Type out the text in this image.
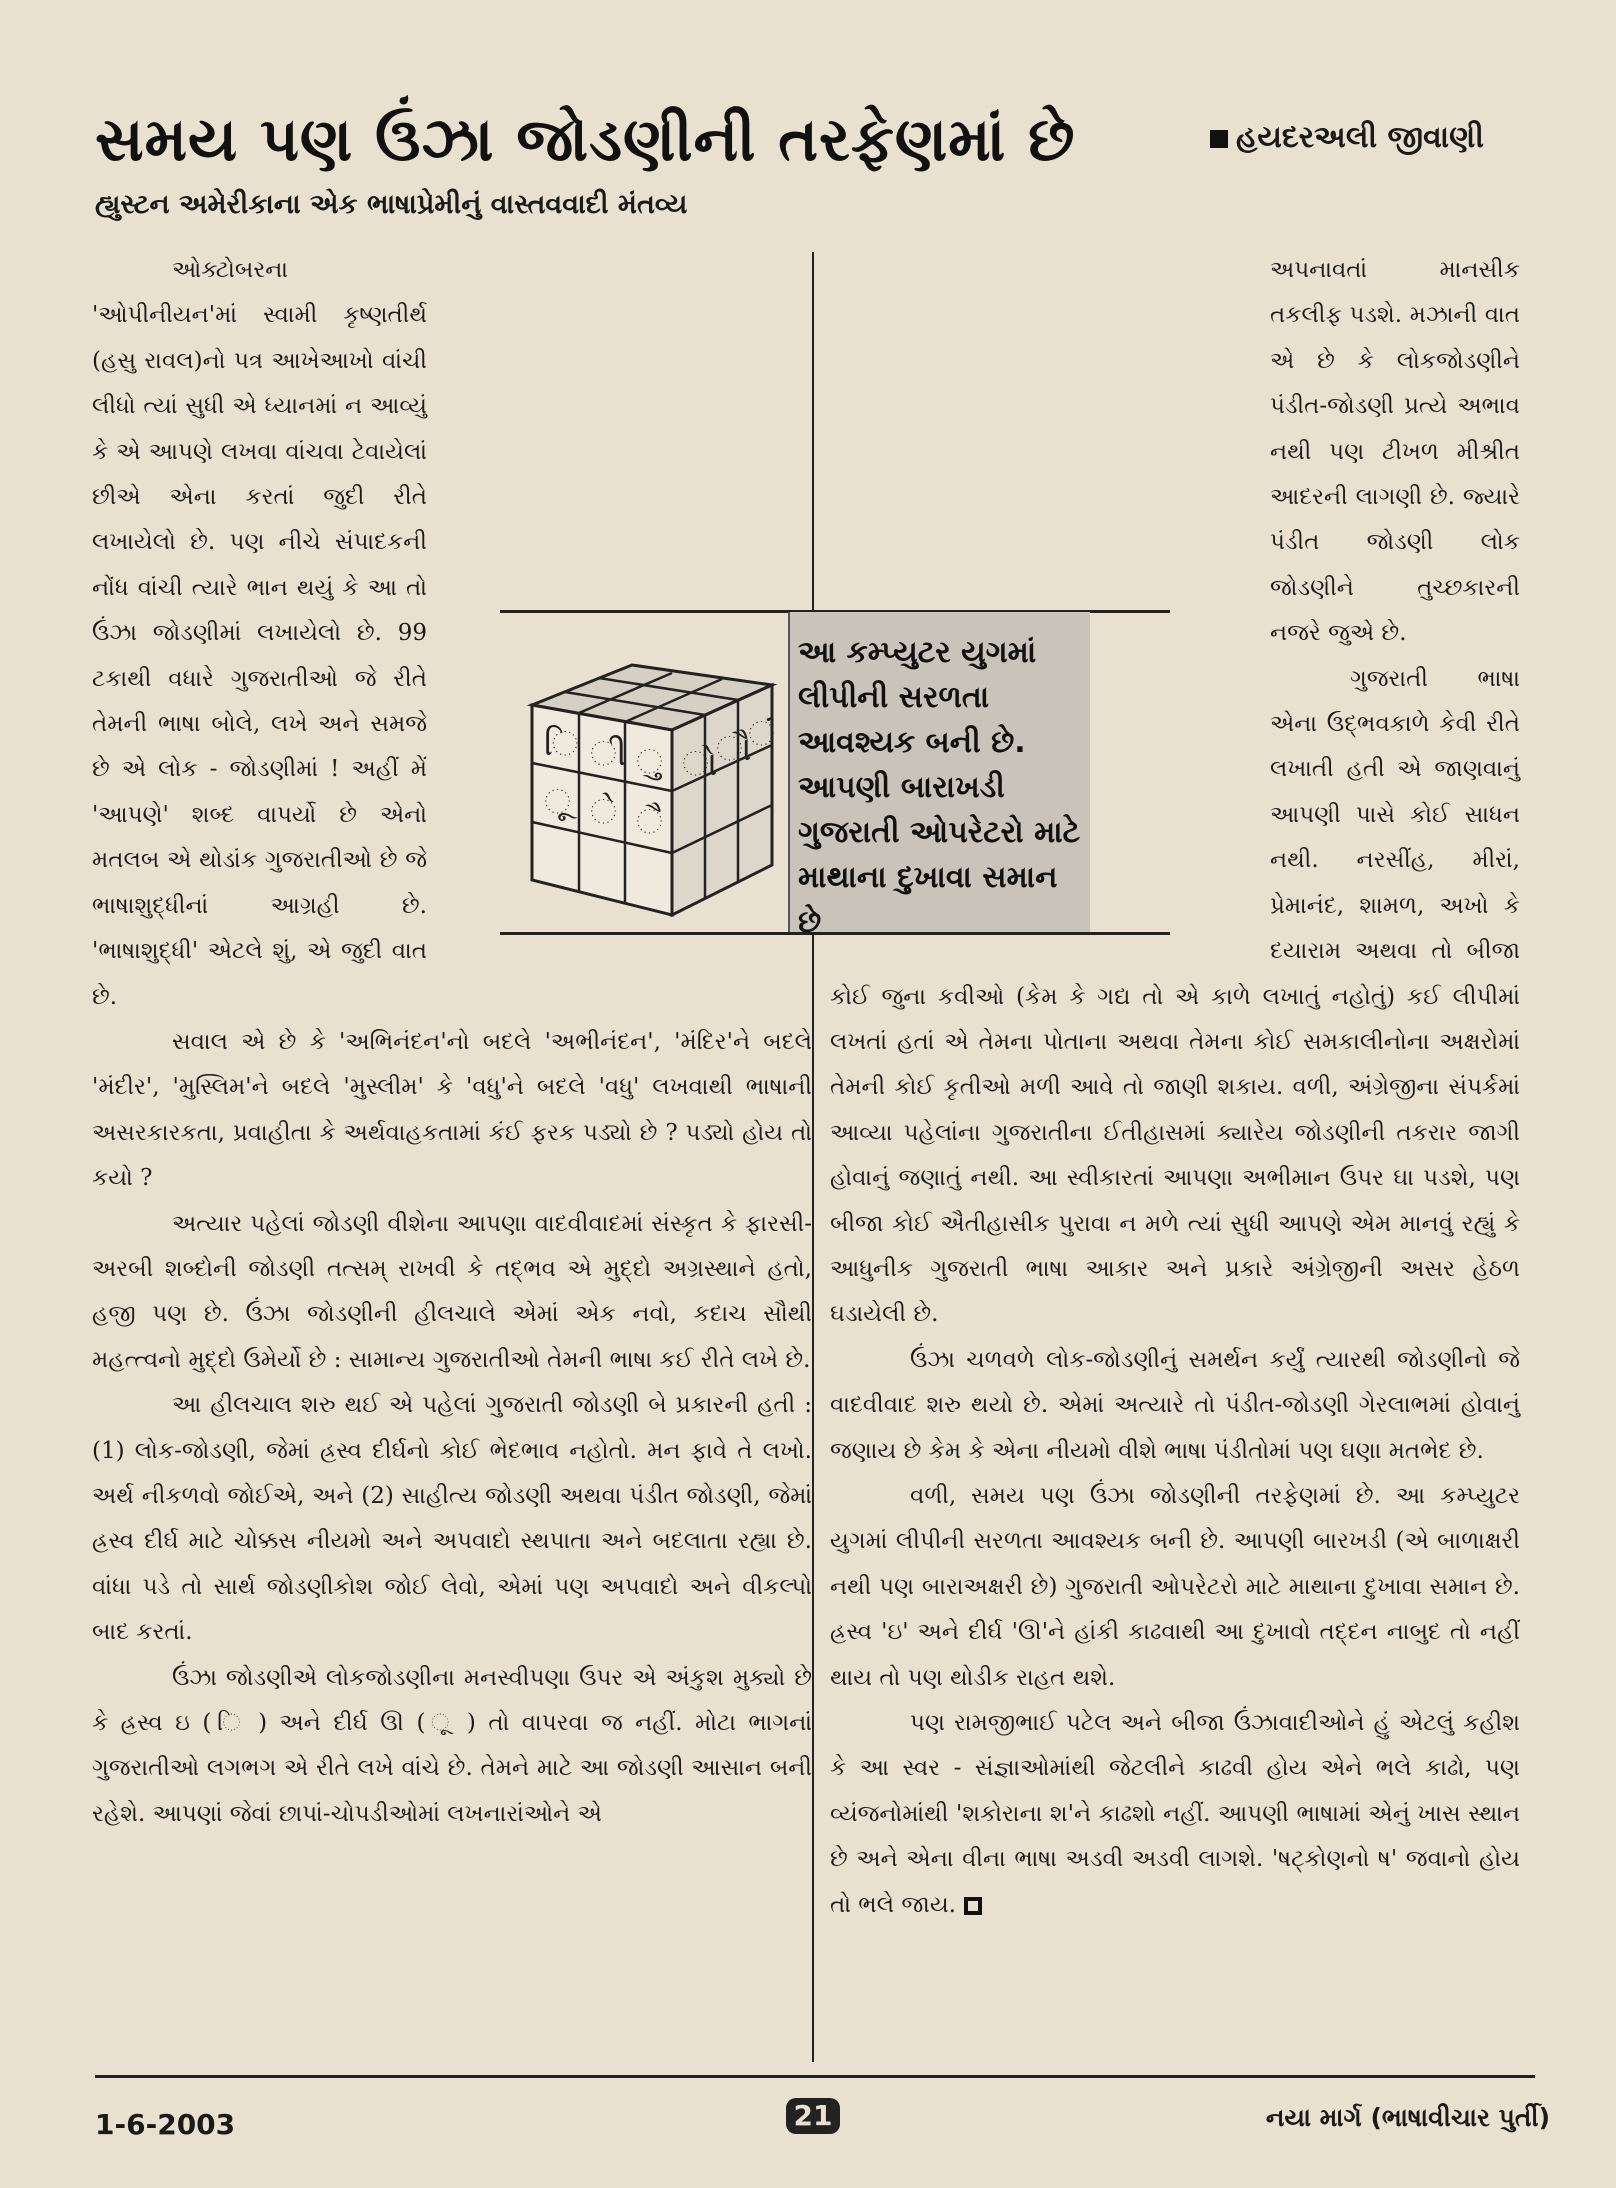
સમય પણ ઉંઝા જોડણીની તરફેણમાં છે	હયદરઅલી જીવાણી
હ્યુસ્ટન અમેરીકાના એક ભાષાપ્રેમીનું વાસ્તવવાદી મંતવ્ય

ઓક્ટોબરના 'ઓપીનીયન'માં સ્વામી કૃષ્ણતીર્થ (હસુ રાવલ)નો પત્ર આખેઆખો વાંચી લીધો ત્યાં સુધી એ ધ્યાનમાં ન આવ્યું કે એ આપણે લખવા વાંચવા ટેવાયેલાં છીએ એના કરતાં જુદી રીતે લખાયેલો છે. પણ નીચે સંપાદકની નોંધ વાંચી ત્યારે ભાન થયું કે આ તો ઉંઝા જોડણીમાં લખાયેલો છે. 99 ટકાથી વધારે ગુજરાતીઓ જે રીતે તેમની ભાષા બોલે, લખે અને સમજે છે એ લોક - જોડણીમાં ! અહીં મેં 'આપણે' શબ્દ વાપર્યો છે એનો મતલબ એ થોડાંક ગુજરાતીઓ છે જે ભાષાશુદ્ધીનાં આગ્રહી છે. 'ભાષાશુદ્ધી' એટલે શું, એ જુદી વાત છે.

સવાલ એ છે કે 'અભિનંદન'નો બદલે 'અભીનંદન', 'મંદિર'ને બદલે 'મંદીર', 'મુસ્લિમ'ને બદલે 'મુસ્લીમ' કે 'વધુ'ને બદલે 'વધુ' લખવાથી ભાષાની અસરકારકતા, પ્રવાહીતા કે અર્થવાહકતામાં કંઈ ફરક પડ્યો છે ? પડ્યો હોય તો કયો ?

અત્યાર પહેલાં જોડણી વીશેના આપણા વાદવીવાદમાં સંસ્કૃત કે ફારસી-અરબી શબ્દોની જોડણી તત્સમ્ રાખવી કે તદ્ભવ એ મુદ્દો અગ્રસ્થાને હતો, હજી પણ છે. ઉંઝા જોડણીની હીલચાલે એમાં એક નવો, કદાચ સૌથી મહત્ત્વનો મુદ્દો ઉમેર્યો છે : સામાન્ય ગુજરાતીઓ તેમની ભાષા કઈ રીતે લખે છે.

આ હીલચાલ શરુ થઈ એ પહેલાં ગુજરાતી જોડણી બે પ્રકારની હતી : (1) લોક-જોડણી, જેમાં હ્રસ્વ દીર્ઘનો કોઈ ભેદભાવ નહોતો. મન ફાવે તે લખો. અર્થ નીકળવો જોઈએ, અને (2) સાહીત્ય જોડણી અથવા પંડીત જોડણી, જેમાં હ્રસ્વ દીર્ઘ માટે ચોક્કસ નીયમો અને અપવાદો સ્થપાતા અને બદલાતા રહ્યા છે. વાંધા પડે તો સાર્થ જોડણીકોશ જોઈ લેવો, એમાં પણ અપવાદો અને વીકલ્પો બાદ કરતાં.

ઉંઝા જોડણીએ લોકજોડણીના મનસ્વીપણા ઉપર એ અંકુશ મુક્યો છે કે હ્રસ્વ ઇ ( િ ) અને દીર્ઘ ઊ ( ૂ ) તો વાપરવા જ નહીં. મોટા ભાગનાં ગુજરાતીઓ લગભગ એ રીતે લખે વાંચે છે. તેમને માટે આ જોડણી આસાન બની રહેશે. આપણાં જેવાં છાપાં-ચોપડીઓમાં લખનારાંઓને એ

અપનાવતાં માનસીક તકલીફ પડશે. મઝાની વાત એ છે કે લોકજોડણીને પંડીત-જોડણી પ્રત્યે અભાવ નથી પણ ટીખળ મીશ્રીત આદરની લાગણી છે. જ્યારે પંડીત જોડણી લોક જોડણીને તુચ્છકારની નજરે જુએ છે.

ગુજરાતી ભાષા એના ઉદ્ભવકાળે કેવી રીતે લખાતી હતી એ જાણવાનું આપણી પાસે કોઈ સાધન નથી. નરસીંહ, મીરાં, પ્રેમાનંદ, શામળ, અખો કે દયારામ અથવા તો બીજા કોઈ જુના કવીઓ (કેમ કે ગદ્ય તો એ કાળે લખાતું નહોતું) કઈ લીપીમાં લખતાં હતાં એ તેમના પોતાના અથવા તેમના કોઈ સમકાલીનોના અક્ષરોમાં તેમની કોઈ કૃતીઓ મળી આવે તો જાણી શકાય. વળી, અંગ્રેજીના સંપર્કમાં આવ્યા પહેલાંના ગુજરાતીના ઈતીહાસમાં ક્યારેય જોડણીની તકરાર જાગી હોવાનું જણાતું નથી. આ સ્વીકારતાં આપણા અભીમાન ઉપર ઘા પડશે, પણ બીજા કોઈ ઐતીહાસીક પુરાવા ન મળે ત્યાં સુધી આપણે એમ માનવું રહ્યું કે આધુનીક ગુજરાતી ભાષા આકાર અને પ્રકારે અંગ્રેજીની અસર હેઠળ ઘડાયેલી છે.

ઉંઝા ચળવળે લોક-જોડણીનું સમર્થન કર્યું ત્યારથી જોડણીનો જે વાદવીવાદ શરુ થયો છે. એમાં અત્યારે તો પંડીત-જોડણી ગેરલાભમાં હોવાનું જણાય છે કેમ કે એના નીયમો વીશે ભાષા પંડીતોમાં પણ ઘણા મતભેદ છે.

વળી, સમય પણ ઉંઝા જોડણીની તરફેણમાં છે. આ કમ્પ્યુટર યુગમાં લીપીની સરળતા આવશ્યક બની છે. આપણી બારખડી (એ બાળાક્ષરી નથી પણ બારાઅક્ષરી છે) ગુજરાતી ઓપરેટરો માટે માથાના દુખાવા સમાન છે. હ્રસ્વ 'ઇ' અને દીર્ઘ 'ઊ'ને હાંકી કાઢવાથી આ દુખાવો તદ્દન નાબુદ તો નહીં થાય તો પણ થોડીક રાહત થશે.

પણ રામજીભાઈ પટેલ અને બીજા ઉંઝાવાદીઓને હું એટલું કહીશ કે આ સ્વર - સંજ્ઞાઓમાંથી જેટલીને કાઢવી હોય એને ભલે કાઢો, પણ વ્યંજનોમાંથી 'શકોરાના શ'ને કાઢશો નહીં. આપણી ભાષામાં એનું ખાસ સ્થાન છે અને એના વીના ભાષા અડવી અડવી લાગશે. 'ષટ્કોણનો ષ' જવાનો હોય તો ભલે જાય.

િ ી ુ
ૂ ે ૈ
ો
ૌ
ં
આ કમ્પ્યુટર યુગમાં લીપીની સરળતા આવશ્યક બની છે. આપણી બારાખડી ગુજરાતી ઓપરેટરો માટે માથાના દુખાવા સમાન છે
1-6-2003	21	નયા માર્ગ (ભાષાવીચાર પુર્તી)
